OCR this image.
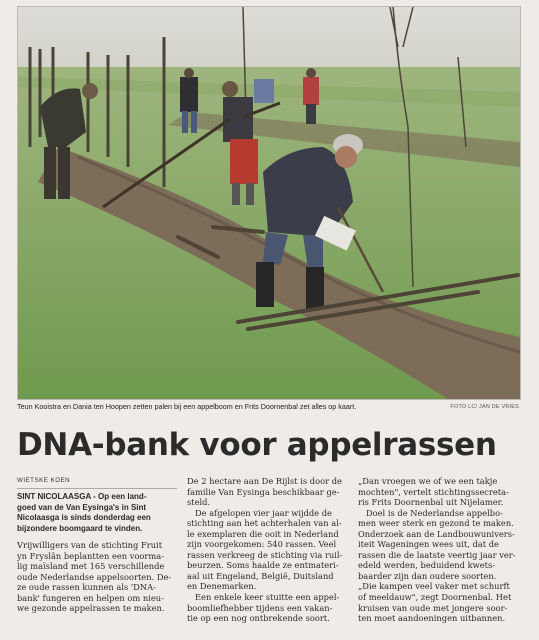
Teun Kooistra en Dania ten Hoopen zetten palen bij een appelboom en Frits Doornenbal zet alles op kaart.	FOTO LC/ JAN DE VRIES
DNA-bank voor appelrassen
WIETSKE KOEN

SINT NICOLAASGA - Op een land-
goed van de Van Eysinga's in Sint
Nicolaasga is sinds donderdag een
bijzondere boomgaard te vinden.

Vrijwilligers van de stichting Fruit
yn Fryslân beplantten een voorma-
lig maïsland met 165 verschillende
oude Nederlandse appelsoorten. De-
ze oude rassen kunnen als 'DNA-
bank' fungeren en helpen om nieu-
we gezonde appelrassen te maken.

De 2 hectare aan De Rijlst is door de
familie Van Eysinga beschikbaar ge-
steld.

De afgelopen vier jaar wijdde de
stichting aan het achterhalen van al-
le exemplaren die ooit in Nederland
zijn voorgekomen: 540 rassen. Veel
rassen verkreeg de stichting via ruil-
beurzen. Soms haalde ze entmateri-
aal uit Engeland, België, Duitsland
en Denemarken.

Een enkele keer stuitte een appel-
boomliefhebber tijdens een vakan-
tie op een nog ontbrekende soort.

„Dan vroegen we of we een takje
mochten", vertelt stichtingssecreta-
ris Frits Doornenbal uit Nijelamer.

Doel is de Nederlandse appelbo-
men weer sterk en gezond te maken.
Onderzoek aan de Landbouwunivers-
iteit Wageningen wees uit, dat de
rassen die de laatste veertig jaar ver-
edeld werden, beduidend kwets-
baarder zijn dan oudere soorten.
„Die kampen veel vaker met schurft
of meeldauw", zegt Doornenbal. Het
kruisen van oude met jongere soor-
ten moet aandoeningen uitbannen.
